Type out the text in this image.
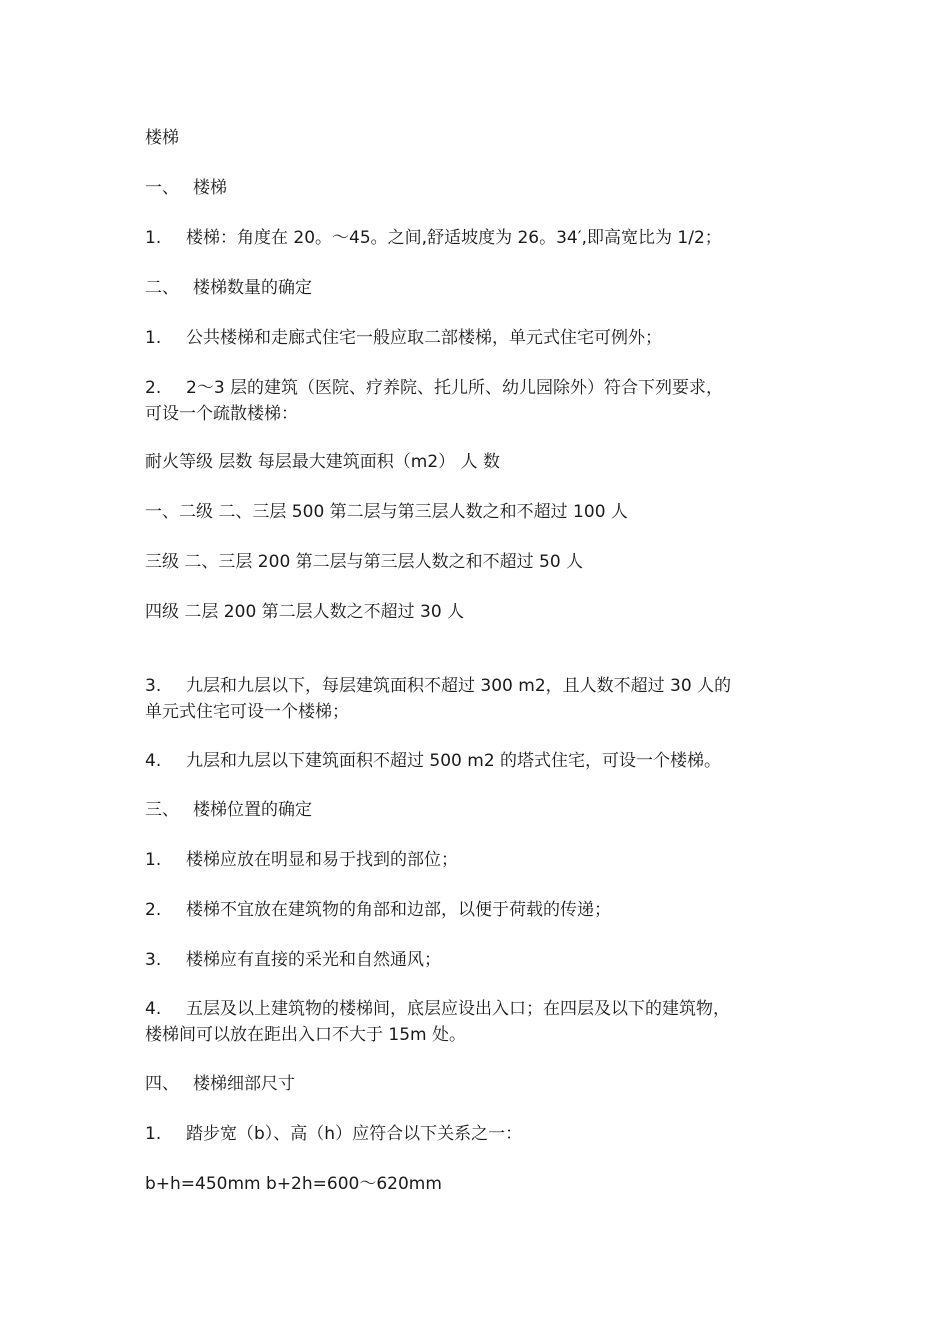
楼梯
一、 楼梯
1. 楼梯：角度在 20。～45。之间,舒适坡度为 26。34′,即高宽比为 1/2；
二、 楼梯数量的确定
1. 公共楼梯和走廊式住宅一般应取二部楼梯，单元式住宅可例外；
2. 2～3 层的建筑（医院、疗养院、托儿所、幼儿园除外）符合下列要求，
可设一个疏散楼梯：
耐火等级 层数 每层最大建筑面积（m2） 人 数
一、二级 二、三层 500 第二层与第三层人数之和不超过 100 人
三级 二、三层 200 第二层与第三层人数之和不超过 50 人
四级 二层 200 第二层人数之不超过 30 人
3. 九层和九层以下，每层建筑面积不超过 300 m2，且人数不超过 30 人的
单元式住宅可设一个楼梯；
4. 九层和九层以下建筑面积不超过 500 m2 的塔式住宅，可设一个楼梯。
三、 楼梯位置的确定
1. 楼梯应放在明显和易于找到的部位；
2. 楼梯不宜放在建筑物的角部和边部，以便于荷载的传递；
3. 楼梯应有直接的采光和自然通风；
4. 五层及以上建筑物的楼梯间，底层应设出入口；在四层及以下的建筑物，
楼梯间可以放在距出入口不大于 15m 处。
四、 楼梯细部尺寸
1. 踏步宽（b）、高（h）应符合以下关系之一：
b+h=450mm b+2h=600～620mm
